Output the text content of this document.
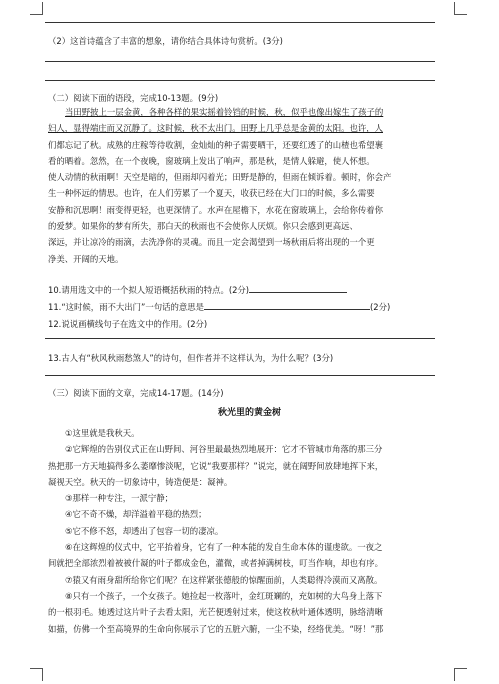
（2）这首诗蕴含了丰富的想象，请你结合具体诗句赏析。(3分)
（二）阅读下面的语段，完成10-13题。(9分)
当田野披上一层金黄，各种各样的果实摇着铃铛的时候，秋，似乎也像出嫁生了孩子的
妇人，显得端庄而又沉静了。这时候，秋不太出门。田野上几乎总是金黄的太阳。也许，人
们都忘记了秋。成熟的庄稼等待收割，金灿灿的种子需要晒干，还要红透了的山楂也希望裹
看的晒着。忽然，在一个夜晚，窗玻璃上发出了响声，那是秋，是情人躲避，使人怀想。
使人动情的秋雨啊！天空是暗的，但雨却闪着光；田野是静的，但雨在倾诉着。顿时，你会产
生一种怀远的情思。也许，在人们劳累了一个夏天，收获已经在大门口的时候，多么需要
安静和沉思啊！雨变得更轻，也更深情了。水声在屋檐下，水花在窗玻璃上，会给你传着你
的爱梦。如果你的梦有所失，那白天的秋雨也不会使你人厌烦。你只会感到更高远、
深远，并让凉冷的雨滴，去洗净你的灵魂。而且一定会渴望到一场秋雨后将出现的一个更
净美、开阔的天地。
10.请用选文中的一个拟人短语概括秋雨的特点。(2分)
11.“这时候，雨不大出门”一句话的意思是	(2分)
12.说说画横线句子在选文中的作用。(2分)
13.古人有“秋风秋雨愁煞人”的诗句，但作者并不这样认为，为什么呢？(3分)
（三）阅读下面的文章，完成14-17题。(14分)
秋光里的黄金树
①这里就是我秋天。
②它辉煌的告别仪式正在山野间、河谷里最最热烈地展开：它才不管城市角落的那三分
热把那一方天地搞得多么萎靡惨淡呢，它说“我要那样？”说完，就在阔野间放肆地挥下来，
凝视天空。秋天的一切象诗中，铸造便是：凝神。
③那样一种专注，一派宁静；
④它不奇不燥，却洋溢着平稳的热烈；
⑤它不修不怒，却透出了包容一切的凄凉。
⑥在这辉煌的仪式中，它平抬着身，它有了一种本能的发自生命本体的谨虔欲。一夜之
间就把全部浓烈着被被什凝的叶子都成金色，灌微，或者掉满树枝，叮当作响，却也有序。
⑦猿又有雨身甜所给你它们呢？在这样紧张德般的惊醒面前，人类聪得冷漠而又离散。
⑧只有一个孩子，一个女孩子。她捡起一枚落叶，金红斑斓的，充如树的大鸟身上落下
的一根羽毛。她透过这片叶子去看太阳，光芒便透射过来，使这枚秋叶通体透明，脉络清晰
如描，仿佛一个至高境界的生命向你展示了它的五脏六腑，一尘不染，经络优美。“呀！”那
